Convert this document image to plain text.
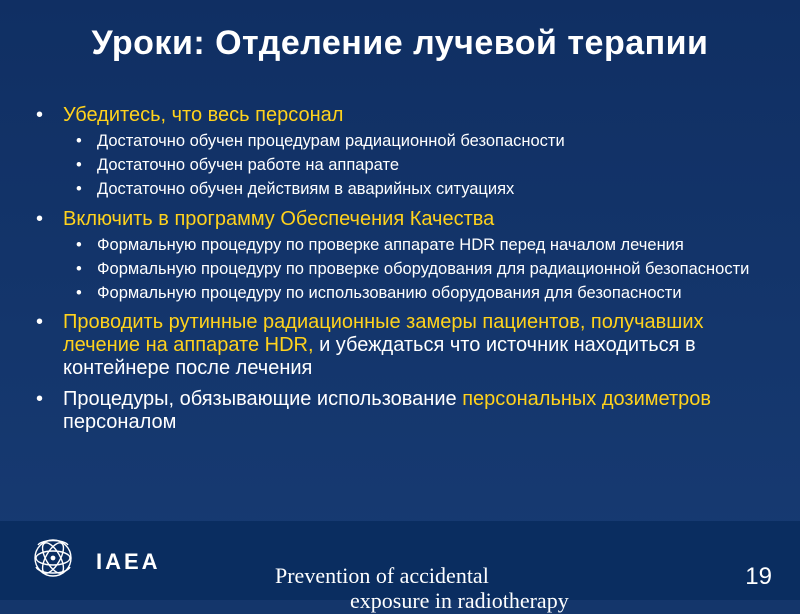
Уроки: Отделение лучевой терапии
• Убедитесь, что весь персонал
• Достаточно обучен процедурам радиационной безопасности
• Достаточно обучен работе на аппарате
• Достаточно обучен действиям в аварийных ситуациях
• Включить в программу Обеспечения Качества
• Формальную процедуру по проверке аппарате HDR перед началом лечения
• Формальную процедуру по проверке оборудования для радиационной безопасности
• Формальную процедуру по использованию оборудования для безопасности
• Проводить рутинные радиационные замеры пациентов, получавших лечение на аппарате HDR, и убеждаться что источник находиться в контейнере после лечения
• Процедуры, обязывающие использование персональных дозиметров персоналом
IAEA
Prevention of accidental
exposure in radiotherapy
19
